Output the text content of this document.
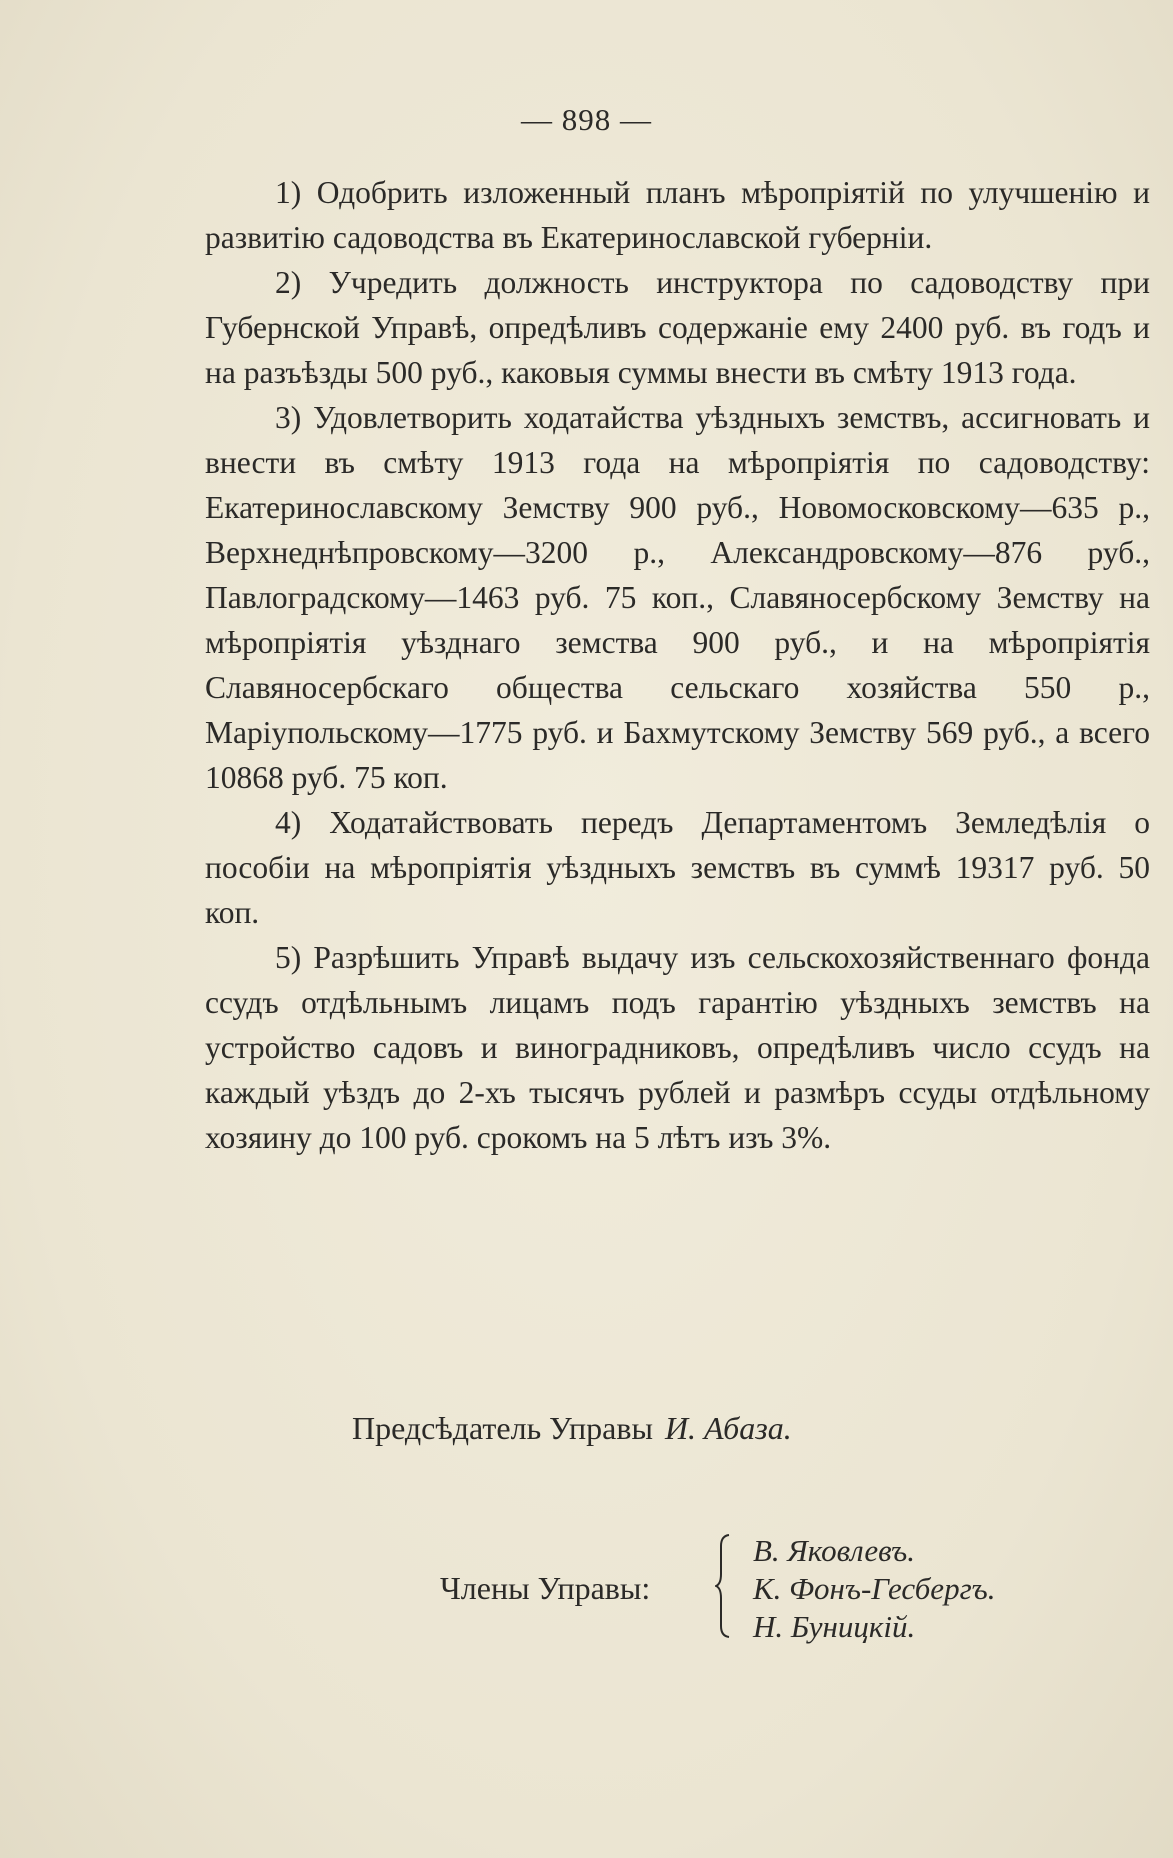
— 898 —

1) Одобрить изложенный планъ мѣропріятій по улучшенію и развитію садоводства въ Екатеринославской губерніи.

2) Учредить должность инструктора по садоводству при Губернской Управѣ, опредѣливъ содержаніе ему 2400 руб. въ годъ и на разъѣзды 500 руб., каковыя суммы внести въ смѣту 1913 года.

3) Удовлетворить ходатайства уѣздныхъ земствъ, ассигновать и внести въ смѣту 1913 года на мѣропріятія по садоводству: Екатеринославскому Земству 900 руб., Новомосковскому—635 р., Верхнеднѣпровскому—3200 р., Александровскому—876 руб., Павлоградскому—1463 руб. 75 коп., Славяносербскому Земству на мѣропріятія уѣзднаго земства 900 руб., и на мѣропріятія Славяносербскаго общества сельскаго хозяйства 550 р., Маріупольскому—1775 руб. и Бахмутскому Земству 569 руб., а всего 10868 руб. 75 коп.

4) Ходатайствовать передъ Департаментомъ Земледѣлія о пособіи на мѣропріятія уѣздныхъ земствъ въ суммѣ 19317 руб. 50 коп.

5) Разрѣшить Управѣ выдачу изъ сельскохозяйственнаго фонда ссудъ отдѣльнымъ лицамъ подъ гарантію уѣздныхъ земствъ на устройство садовъ и виноградниковъ, опредѣливъ число ссудъ на каждый уѣздъ до 2-хъ тысячъ рублей и размѣръ ссуды отдѣльному хозяину до 100 руб. срокомъ на 5 лѣтъ изъ 3%.

Предсѣдатель Управы И. Абаза.
Члены Управы:
В. Яковлевъ.
К. Фонъ-Гесбергъ.
Н. Буницкій.
